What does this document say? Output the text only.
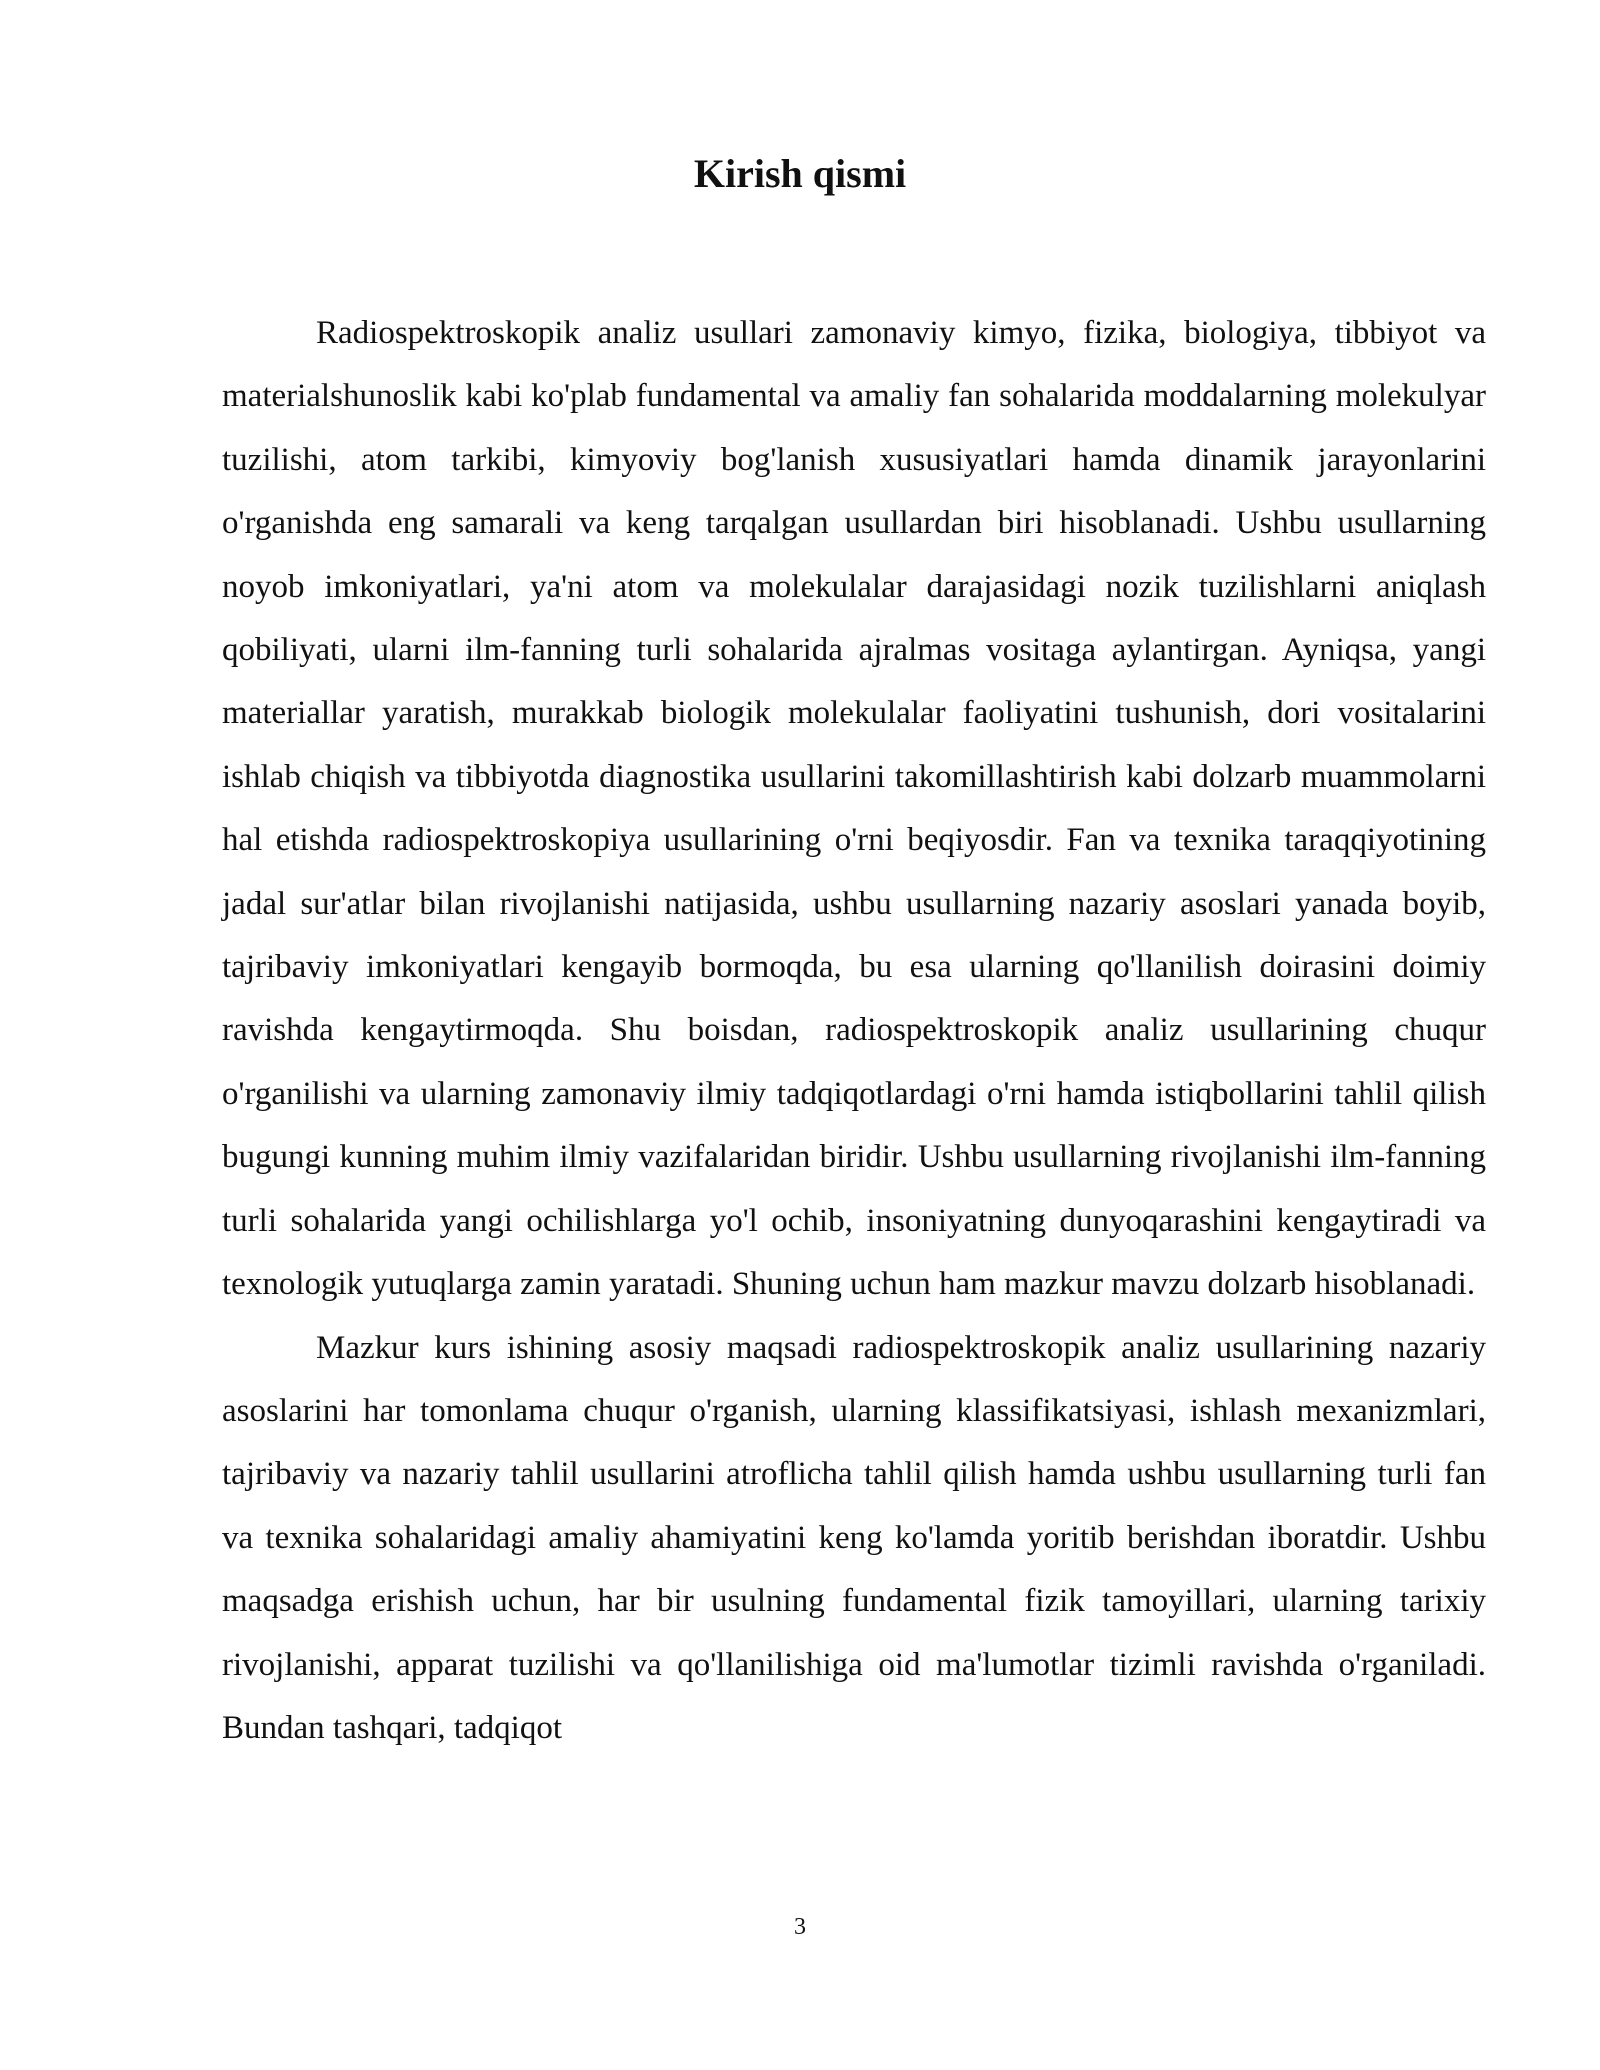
Kirish qismi

Radiospektroskopik analiz usullari zamonaviy kimyo, fizika, biologiya, tibbiyot va materialshunoslik kabi ko'plab fundamental va amaliy fan sohalarida moddalarning molekulyar tuzilishi, atom tarkibi, kimyoviy bog'lanish xususiyatlari hamda dinamik jarayonlarini o'rganishda eng samarali va keng tarqalgan usullardan biri hisoblanadi. Ushbu usullarning noyob imkoniyatlari, ya'ni atom va molekulalar darajasidagi nozik tuzilishlarni aniqlash qobiliyati, ularni ilm-fanning turli sohalarida ajralmas vositaga aylantirgan. Ayniqsa, yangi materiallar yaratish, murakkab biologik molekulalar faoliyatini tushunish, dori vositalarini ishlab chiqish va tibbiyotda diagnostika usullarini takomillashtirish kabi dolzarb muammolarni hal etishda radiospektroskopiya usullarining o'rni beqiyosdir. Fan va texnika taraqqiyotining jadal sur'atlar bilan rivojlanishi natijasida, ushbu usullarning nazariy asoslari yanada boyib, tajribaviy imkoniyatlari kengayib bormoqda, bu esa ularning qo'llanilish doirasini doimiy ravishda kengaytirmoqda. Shu boisdan, radiospektroskopik analiz usullarining chuqur o'rganilishi va ularning zamonaviy ilmiy tadqiqotlardagi o'rni hamda istiqbollarini tahlil qilish bugungi kunning muhim ilmiy vazifalaridan biridir. Ushbu usullarning rivojlanishi ilm-fanning turli sohalarida yangi ochilishlarga yo'l ochib, insoniyatning dunyoqarashini kengaytiradi va texnologik yutuqlarga zamin yaratadi. Shuning uchun ham mazkur mavzu dolzarb hisoblanadi.

Mazkur kurs ishining asosiy maqsadi radiospektroskopik analiz usullarining nazariy asoslarini har tomonlama chuqur o'rganish, ularning klassifikatsiyasi, ishlash mexanizmlari, tajribaviy va nazariy tahlil usullarini atroflicha tahlil qilish hamda ushbu usullarning turli fan va texnika sohalaridagi amaliy ahamiyatini keng ko'lamda yoritib berishdan iboratdir. Ushbu maqsadga erishish uchun, har bir usulning fundamental fizik tamoyillari, ularning tarixiy rivojlanishi, apparat tuzilishi va qo'llanilishiga oid ma'lumotlar tizimli ravishda o'rganiladi. Bundan tashqari, tadqiqot

3
